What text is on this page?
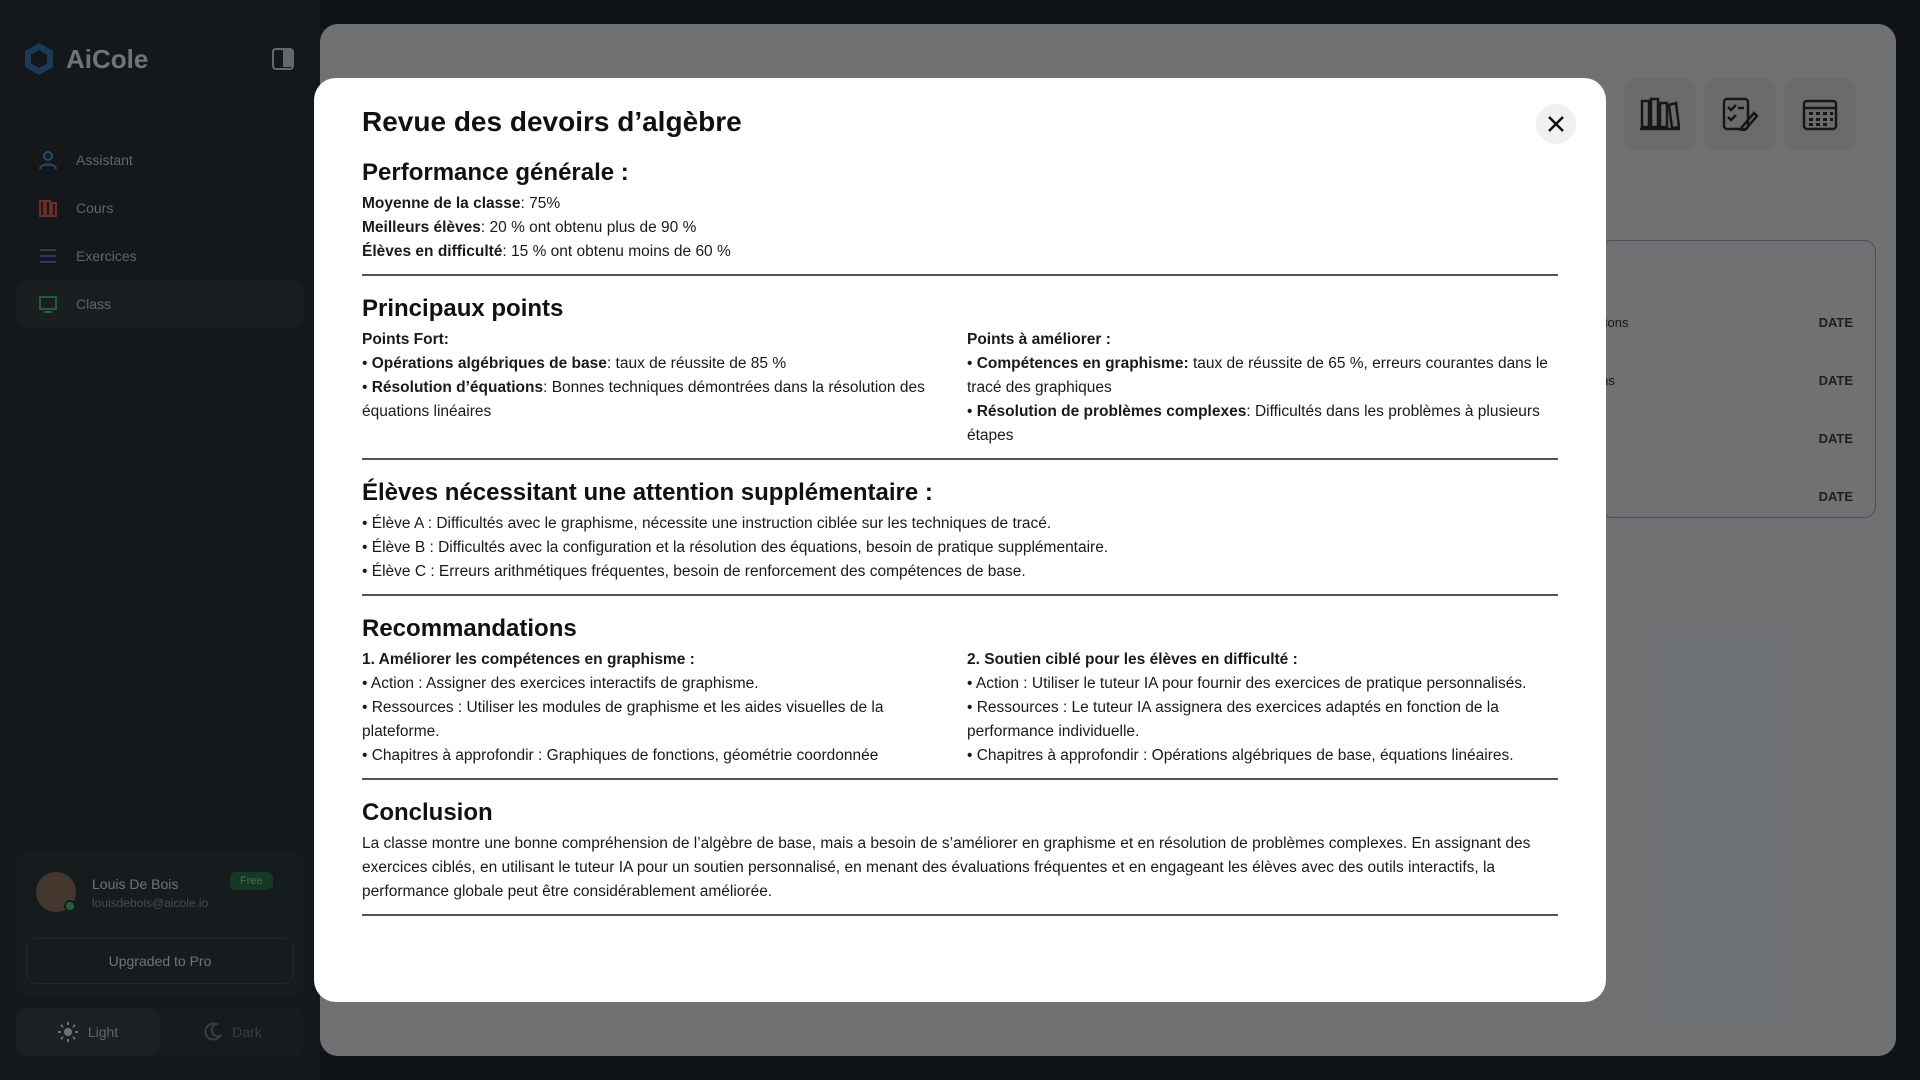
Revue des devoirs d’algèbre
Performance générale :
Moyenne de la classe: 75%
Meilleurs élèves: 20 % ont obtenu plus de 90 %
Élèves en difficulté: 15 % ont obtenu moins de 60 %
Principaux points
Points Fort:
• Opérations algébriques de base: taux de réussite de 85 %
• Résolution d’équations: Bonnes techniques démontrées dans la résolution des équations linéaires
Points à améliorer :
• Compétences en graphisme: taux de réussite de 65 %, erreurs courantes dans le tracé des graphiques
• Résolution de problèmes complexes: Difficultés dans les problèmes à plusieurs étapes
Élèves nécessitant une attention supplémentaire :
• Élève A : Difficultés avec le graphisme, nécessite une instruction ciblée sur les techniques de tracé.
• Élève B : Difficultés avec la configuration et la résolution des équations, besoin de pratique supplémentaire.
• Élève C : Erreurs arithmétiques fréquentes, besoin de renforcement des compétences de base.
Recommandations
1. Améliorer les compétences en graphisme :
• Action : Assigner des exercices interactifs de graphisme.
• Ressources : Utiliser les modules de graphisme et les aides visuelles de la plateforme.
• Chapitres à approfondir : Graphiques de fonctions, géométrie coordonnée
2. Soutien ciblé pour les élèves en difficulté :
• Action : Utiliser le tuteur IA pour fournir des exercices de pratique personnalisés.
• Ressources : Le tuteur IA assignera des exercices adaptés en fonction de la performance individuelle.
• Chapitres à approfondir : Opérations algébriques de base, équations linéaires.
Conclusion
La classe montre une bonne compréhension de l’algèbre de base, mais a besoin de s’améliorer en graphisme et en résolution de problèmes complexes. En assignant des exercices ciblés, en utilisant le tuteur IA pour un soutien personnalisé, en menant des évaluations fréquentes et en engageant les élèves avec des outils interactifs, la performance globale peut être considérablement améliorée.
